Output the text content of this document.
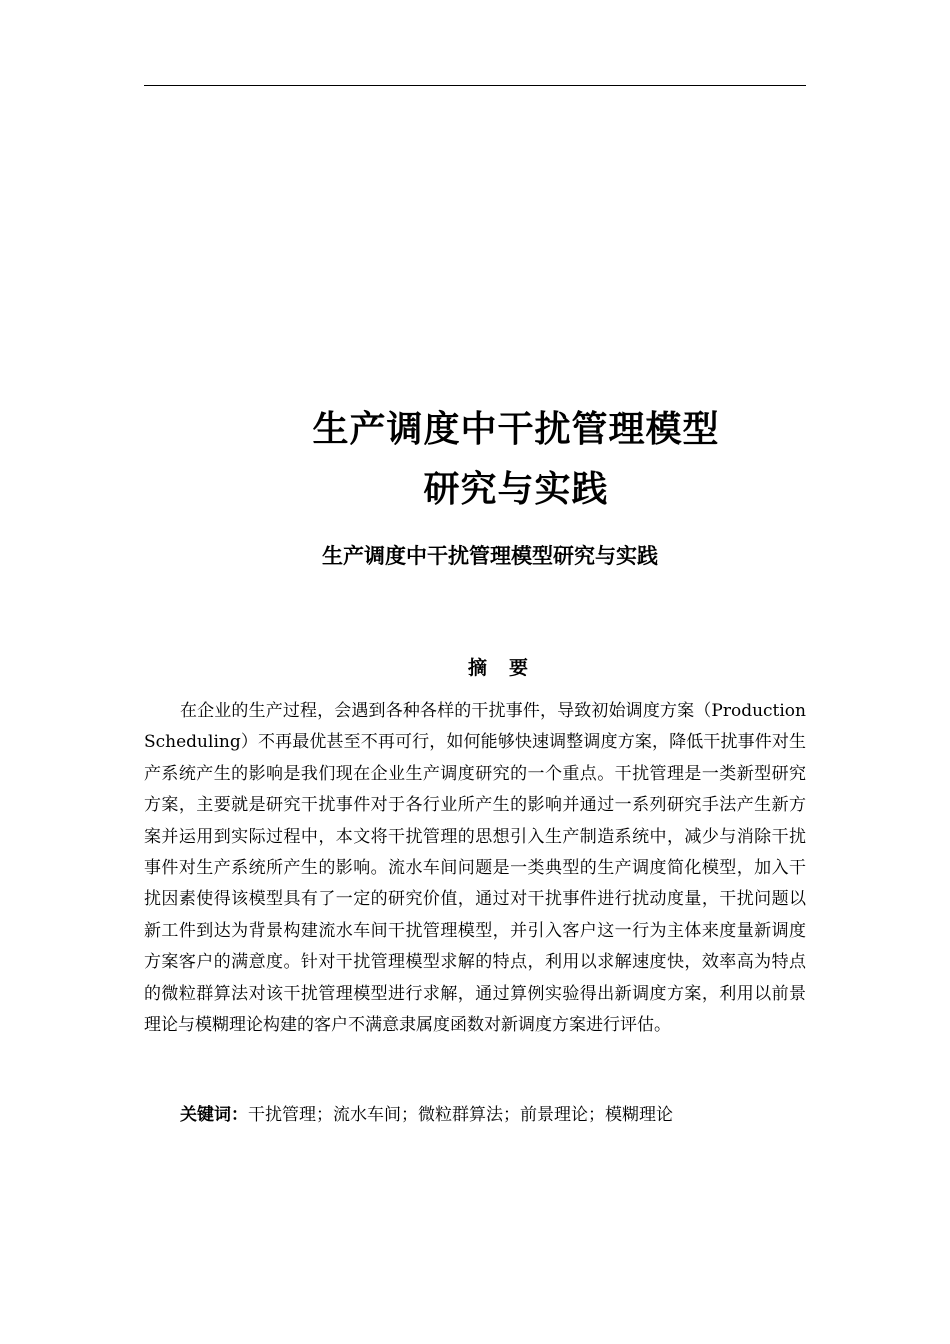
生产调度中干扰管理模型
研究与实践
生产调度中干扰管理模型研究与实践
摘要

在企业的生产过程，会遇到各种各样的干扰事件，导致初始调度方案（Production Scheduling）不再最优甚至不再可行，如何能够快速调整调度方案，降低干扰事件对生产系统产生的影响是我们现在企业生产调度研究的一个重点。干扰管理是一类新型研究方案，主要就是研究干扰事件对于各行业所产生的影响并通过一系列研究手法产生新方案并运用到实际过程中，本文将干扰管理的思想引入生产制造系统中，减少与消除干扰事件对生产系统所产生的影响。流水车间问题是一类典型的生产调度简化模型，加入干扰因素使得该模型具有了一定的研究价值，通过对干扰事件进行扰动度量，干扰问题以新工件到达为背景构建流水车间干扰管理模型，并引入客户这一行为主体来度量新调度方案客户的满意度。针对干扰管理模型求解的特点，利用以求解速度快，效率高为特点的微粒群算法对该干扰管理模型进行求解，通过算例实验得出新调度方案，利用以前景理论与模糊理论构建的客户不满意隶属度函数对新调度方案进行评估。

关键词：干扰管理；流水车间；微粒群算法；前景理论；模糊理论
